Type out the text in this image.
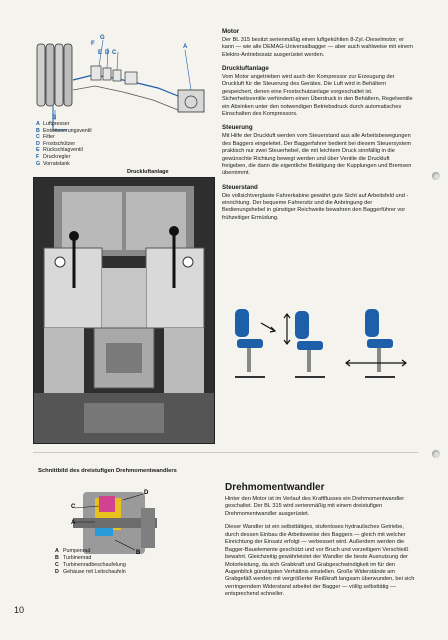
G
F
E D C
A
B
A Luftpresser
B Entwässerungsventil
C Filter
D Frostschützer
E Rückschlagventil
F Druckregler
G Vorratstank
Druckluftanlage
Motor

Der BL 315 besitzt serienmäßig einen luftgekühlten 8-Zyl.-Dieselmotor; er kann — wie alle DEMAG-Universalbagger — aber auch wahlweise mit einem Elektro-Antriebssatz ausgerüstet werden.

Druckluftanlage

Vom Motor angetrieben wird auch der Kompressor zur Erzeugung der Druckluft für die Steuerung des Gerätes. Die Luft wird in Behältern gespeichert, denen eine Frostschutzanlage vorgeschaltet ist. Sicherheitsventile verhindern einen Überdruck in den Behältern, Regelventile ein Absinken unter den notwendigen Betriebsdruck durch automatisches Einschalten des Kompressors.

Steuerung

Mit Hilfe der Druckluft werden vom Steuerstand aus alle Arbeitsbewegungen des Baggers eingeleitet. Der Baggerfahrer bedient bei diesem Steuersystem praktisch nur zwei Steuerhebel, die mit leichtem Druck sinnfällig in die gewünschte Richtung bewegt werden und über Ventile die Druckluft freigeben, die dann die eigentliche Betätigung der Kupplungen und Bremsen übernimmt.

Steuerstand

Die vollsichtverglaste Fahrerkabine gewährt gute Sicht auf Arbeitsfeld und -einrichtung. Der bequeme Fahrersitz und die Anbringung der Bedienungshebel in günstiger Reichweite bewahren den Baggerführer vor frühzeitiger Ermüdung.

Schnittbild des dreistufigen Drehmomentwandlers
C
A
D
B
A Pumpenrad
B Turbinenrad
C Turbinenradbeschaufelung
D Gehäuse mit Leitschaufeln
Drehmomentwandler

Hinter den Motor ist im Verlauf des Kraftflusses ein Drehmomentwandler geschaltet. Der BL 315 wird serienmäßig mit einem dreistufigen Drehmomentwandler ausgerüstet.

Dieser Wandler ist ein selbsttätiges, stufenloses hydraulisches Getriebe, durch dessen Einbau die Arbeitsweise des Baggers — gleich mit welcher Einrichtung der Einsatz erfolgt — verbessert wird. Außerdem werden die Bagger-Bauelemente geschützt und vor Bruch und vorzeitigem Verschleiß bewahrt. Gleichzeitig gewährleistet der Wandler die beste Ausnutzung der Motorleistung, da sich Grabkraft und Grabgeschwindigkeit im für den Augenblick günstigsten Verhältnis einstellen. Große Widerstände am Grabgefäß werden mit vergrößerter Reißkraft langsam überwunden, bei sich verringerndem Widerstand arbeitet der Bagger — völlig selbsttätig — entsprechend schneller.

10
